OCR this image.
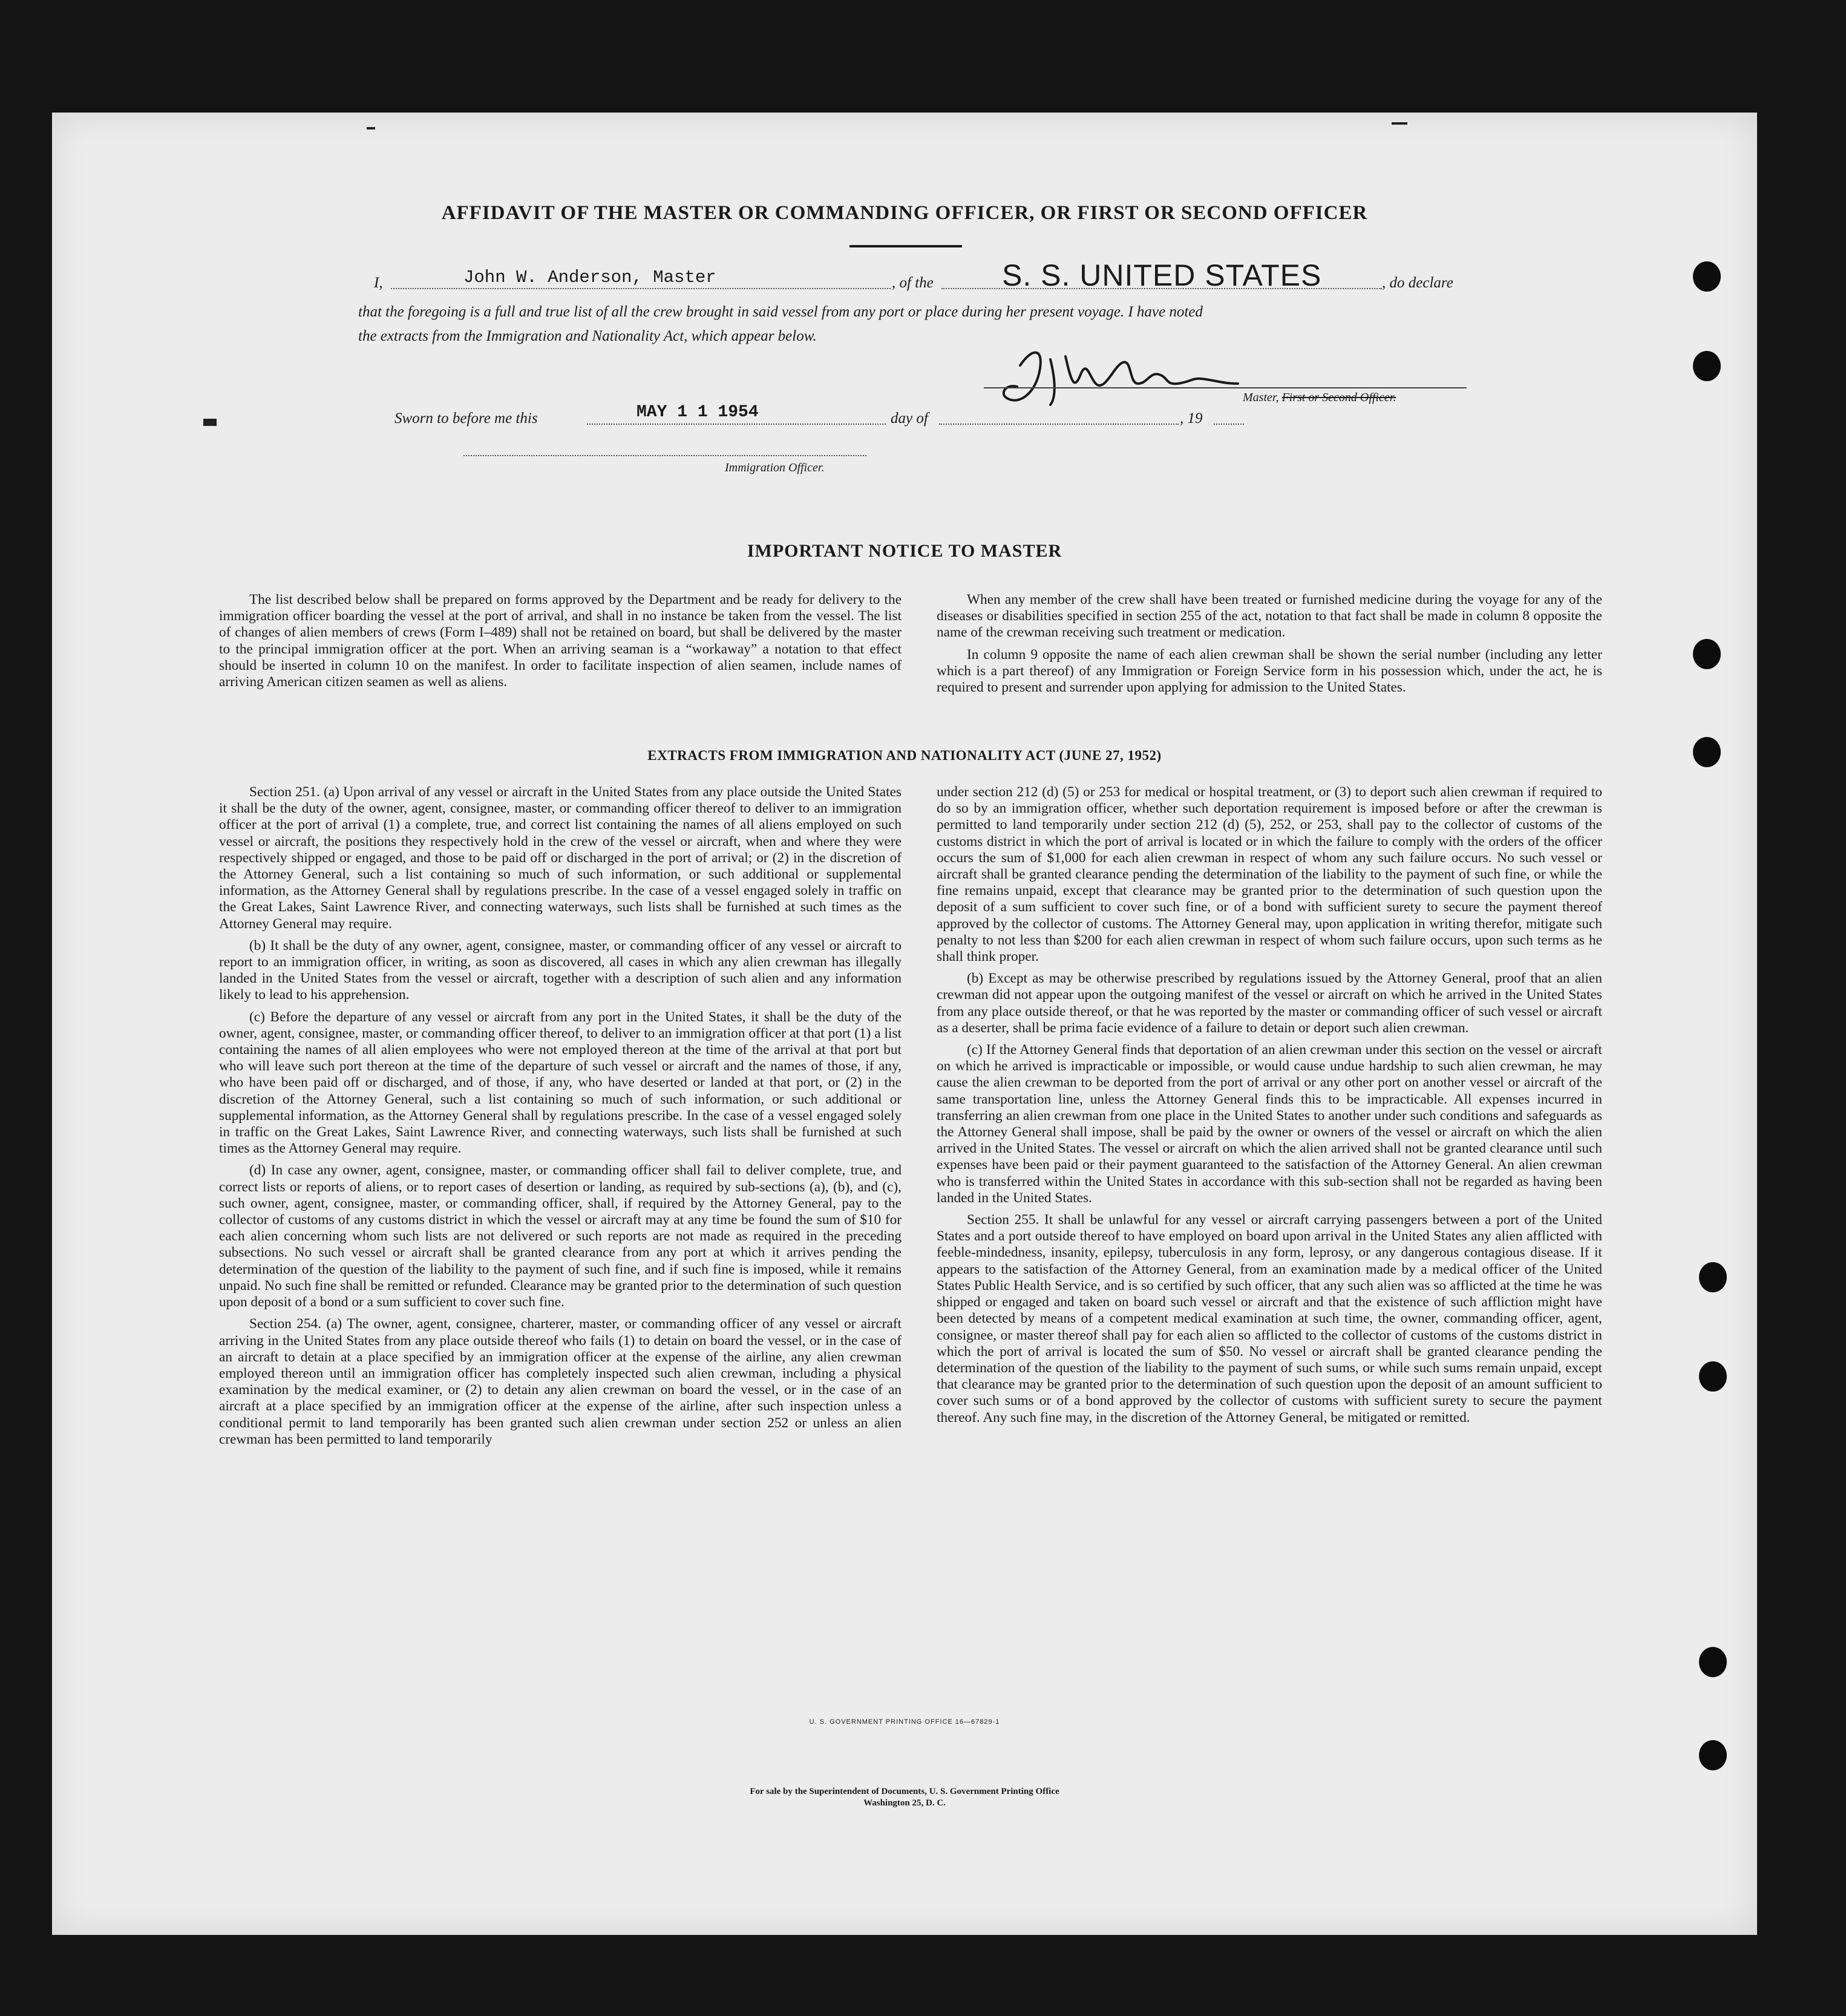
AFFIDAVIT OF THE MASTER OR COMMANDING OFFICER, OR FIRST OR SECOND OFFICER
I,	John W. Anderson, Master	, of the S. S. UNITED STATES	, do declare
that the foregoing is a full and true list of all the crew brought in said vessel from any port or place during her present voyage. I have noted
the extracts from the Immigration and Nationality Act, which appear below.
Master, First or Second Officer.
Sworn to before me this	MAY 1 1 1954	day of	, 19
Immigration Officer.
IMPORTANT NOTICE TO MASTER

The list described below shall be prepared on forms approved by the Department and be ready for delivery to the immigration officer boarding the vessel at the port of arrival, and shall in no instance be taken from the vessel. The list of changes of alien members of crews (Form I–489) shall not be retained on board, but shall be delivered by the master to the principal immigration officer at the port. When an arriving seaman is a “workaway” a notation to that effect should be inserted in column 10 on the manifest. In order to facilitate inspection of alien seamen, include names of arriving American citizen seamen as well as aliens.

When any member of the crew shall have been treated or furnished medicine during the voyage for any of the diseases or disabilities specified in section 255 of the act, notation to that fact shall be made in column 8 opposite the name of the crewman receiving such treatment or medication.

In column 9 opposite the name of each alien crewman shall be shown the serial number (including any letter which is a part thereof) of any Immigration or Foreign Service form in his possession which, under the act, he is required to present and surrender upon applying for admission to the United States.

EXTRACTS FROM IMMIGRATION AND NATIONALITY ACT (JUNE 27, 1952)

Section 251. (a) Upon arrival of any vessel or aircraft in the United States from any place outside the United States it shall be the duty of the owner, agent, consignee, master, or commanding officer thereof to deliver to an immigration officer at the port of arrival (1) a complete, true, and correct list containing the names of all aliens employed on such vessel or aircraft, the positions they respectively hold in the crew of the vessel or aircraft, when and where they were respectively shipped or engaged, and those to be paid off or discharged in the port of arrival; or (2) in the discretion of the Attorney General, such a list containing so much of such information, or such additional or supplemental information, as the Attorney General shall by regulations prescribe. In the case of a vessel engaged solely in traffic on the Great Lakes, Saint Lawrence River, and connecting waterways, such lists shall be furnished at such times as the Attorney General may require.

(b) It shall be the duty of any owner, agent, consignee, master, or commanding officer of any vessel or aircraft to report to an immigration officer, in writing, as soon as discovered, all cases in which any alien crewman has illegally landed in the United States from the vessel or aircraft, together with a description of such alien and any information likely to lead to his apprehension.

(c) Before the departure of any vessel or aircraft from any port in the United States, it shall be the duty of the owner, agent, consignee, master, or commanding officer thereof, to deliver to an immigration officer at that port (1) a list containing the names of all alien employees who were not employed thereon at the time of the arrival at that port but who will leave such port thereon at the time of the departure of such vessel or aircraft and the names of those, if any, who have been paid off or discharged, and of those, if any, who have deserted or landed at that port, or (2) in the discretion of the Attorney General, such a list containing so much of such information, or such additional or supplemental information, as the Attorney General shall by regulations prescribe. In the case of a vessel engaged solely in traffic on the Great Lakes, Saint Lawrence River, and connecting waterways, such lists shall be furnished at such times as the Attorney General may require.

(d) In case any owner, agent, consignee, master, or commanding officer shall fail to deliver complete, true, and correct lists or reports of aliens, or to report cases of desertion or landing, as required by sub-sections (a), (b), and (c), such owner, agent, consignee, master, or commanding officer, shall, if required by the Attorney General, pay to the collector of customs of any customs district in which the vessel or aircraft may at any time be found the sum of $10 for each alien concerning whom such lists are not delivered or such reports are not made as required in the preceding subsections. No such vessel or aircraft shall be granted clearance from any port at which it arrives pending the determination of the question of the liability to the payment of such fine, and if such fine is imposed, while it remains unpaid. No such fine shall be remitted or refunded. Clearance may be granted prior to the determination of such question upon deposit of a bond or a sum sufficient to cover such fine.

Section 254. (a) The owner, agent, consignee, charterer, master, or commanding officer of any vessel or aircraft arriving in the United States from any place outside thereof who fails (1) to detain on board the vessel, or in the case of an aircraft to detain at a place specified by an immigration officer at the expense of the airline, any alien crewman employed thereon until an immigration officer has completely inspected such alien crewman, including a physical examination by the medical examiner, or (2) to detain any alien crewman on board the vessel, or in the case of an aircraft at a place specified by an immigration officer at the expense of the airline, after such inspection unless a conditional permit to land temporarily has been granted such alien crewman under section 252 or unless an alien crewman has been permitted to land temporarily

under section 212 (d) (5) or 253 for medical or hospital treatment, or (3) to deport such alien crewman if required to do so by an immigration officer, whether such deportation requirement is imposed before or after the crewman is permitted to land temporarily under section 212 (d) (5), 252, or 253, shall pay to the collector of customs of the customs district in which the port of arrival is located or in which the failure to comply with the orders of the officer occurs the sum of $1,000 for each alien crewman in respect of whom any such failure occurs. No such vessel or aircraft shall be granted clearance pending the determination of the liability to the payment of such fine, or while the fine remains unpaid, except that clearance may be granted prior to the determination of such question upon the deposit of a sum sufficient to cover such fine, or of a bond with sufficient surety to secure the payment thereof approved by the collector of customs. The Attorney General may, upon application in writing therefor, mitigate such penalty to not less than $200 for each alien crewman in respect of whom such failure occurs, upon such terms as he shall think proper.

(b) Except as may be otherwise prescribed by regulations issued by the Attorney General, proof that an alien crewman did not appear upon the outgoing manifest of the vessel or aircraft on which he arrived in the United States from any place outside thereof, or that he was reported by the master or commanding officer of such vessel or aircraft as a deserter, shall be prima facie evidence of a failure to detain or deport such alien crewman.

(c) If the Attorney General finds that deportation of an alien crewman under this section on the vessel or aircraft on which he arrived is impracticable or impossible, or would cause undue hardship to such alien crewman, he may cause the alien crewman to be deported from the port of arrival or any other port on another vessel or aircraft of the same transportation line, unless the Attorney General finds this to be impracticable. All expenses incurred in transferring an alien crewman from one place in the United States to another under such conditions and safeguards as the Attorney General shall impose, shall be paid by the owner or owners of the vessel or aircraft on which the alien arrived in the United States. The vessel or aircraft on which the alien arrived shall not be granted clearance until such expenses have been paid or their payment guaranteed to the satisfaction of the Attorney General. An alien crewman who is transferred within the United States in accordance with this sub-section shall not be regarded as having been landed in the United States.

Section 255. It shall be unlawful for any vessel or aircraft carrying passengers between a port of the United States and a port outside thereof to have employed on board upon arrival in the United States any alien afflicted with feeble-mindedness, insanity, epilepsy, tuberculosis in any form, leprosy, or any dangerous contagious disease. If it appears to the satisfaction of the Attorney General, from an examination made by a medical officer of the United States Public Health Service, and is so certified by such officer, that any such alien was so afflicted at the time he was shipped or engaged and taken on board such vessel or aircraft and that the existence of such affliction might have been detected by means of a competent medical examination at such time, the owner, commanding officer, agent, consignee, or master thereof shall pay for each alien so afflicted to the collector of customs of the customs district in which the port of arrival is located the sum of $50. No vessel or aircraft shall be granted clearance pending the determination of the question of the liability to the payment of such sums, or while such sums remain unpaid, except that clearance may be granted prior to the determination of such question upon the deposit of an amount sufficient to cover such sums or of a bond approved by the collector of customs with sufficient surety to secure the payment thereof. Any such fine may, in the discretion of the Attorney General, be mitigated or remitted.

U. S. GOVERNMENT PRINTING OFFICE 16—67829-1
For sale by the Superintendent of Documents, U. S. Government Printing Office
Washington 25, D. C.
